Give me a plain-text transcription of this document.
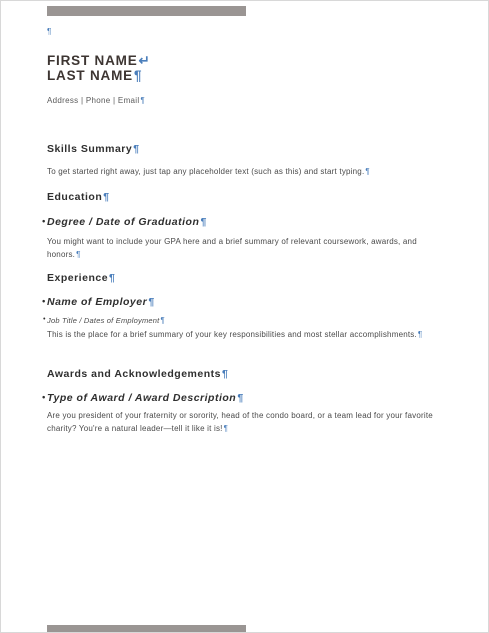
¶
FIRST NAME↵
LAST NAME¶
Address | Phone | Email¶
Skills Summary¶
To get started right away, just tap any placeholder text (such as this) and start typing.¶
Education¶
• Degree / Date of Graduation¶
You might want to include your GPA here and a brief summary of relevant coursework, awards, and honors.¶
Experience¶
• Name of Employer¶
• Job Title / Dates of Employment¶
This is the place for a brief summary of your key responsibilities and most stellar accomplishments.¶
Awards and Acknowledgements¶
• Type of Award / Award Description¶
Are you president of your fraternity or sorority, head of the condo board, or a team lead for your favorite charity? You're a natural leader—tell it like it is!¶
